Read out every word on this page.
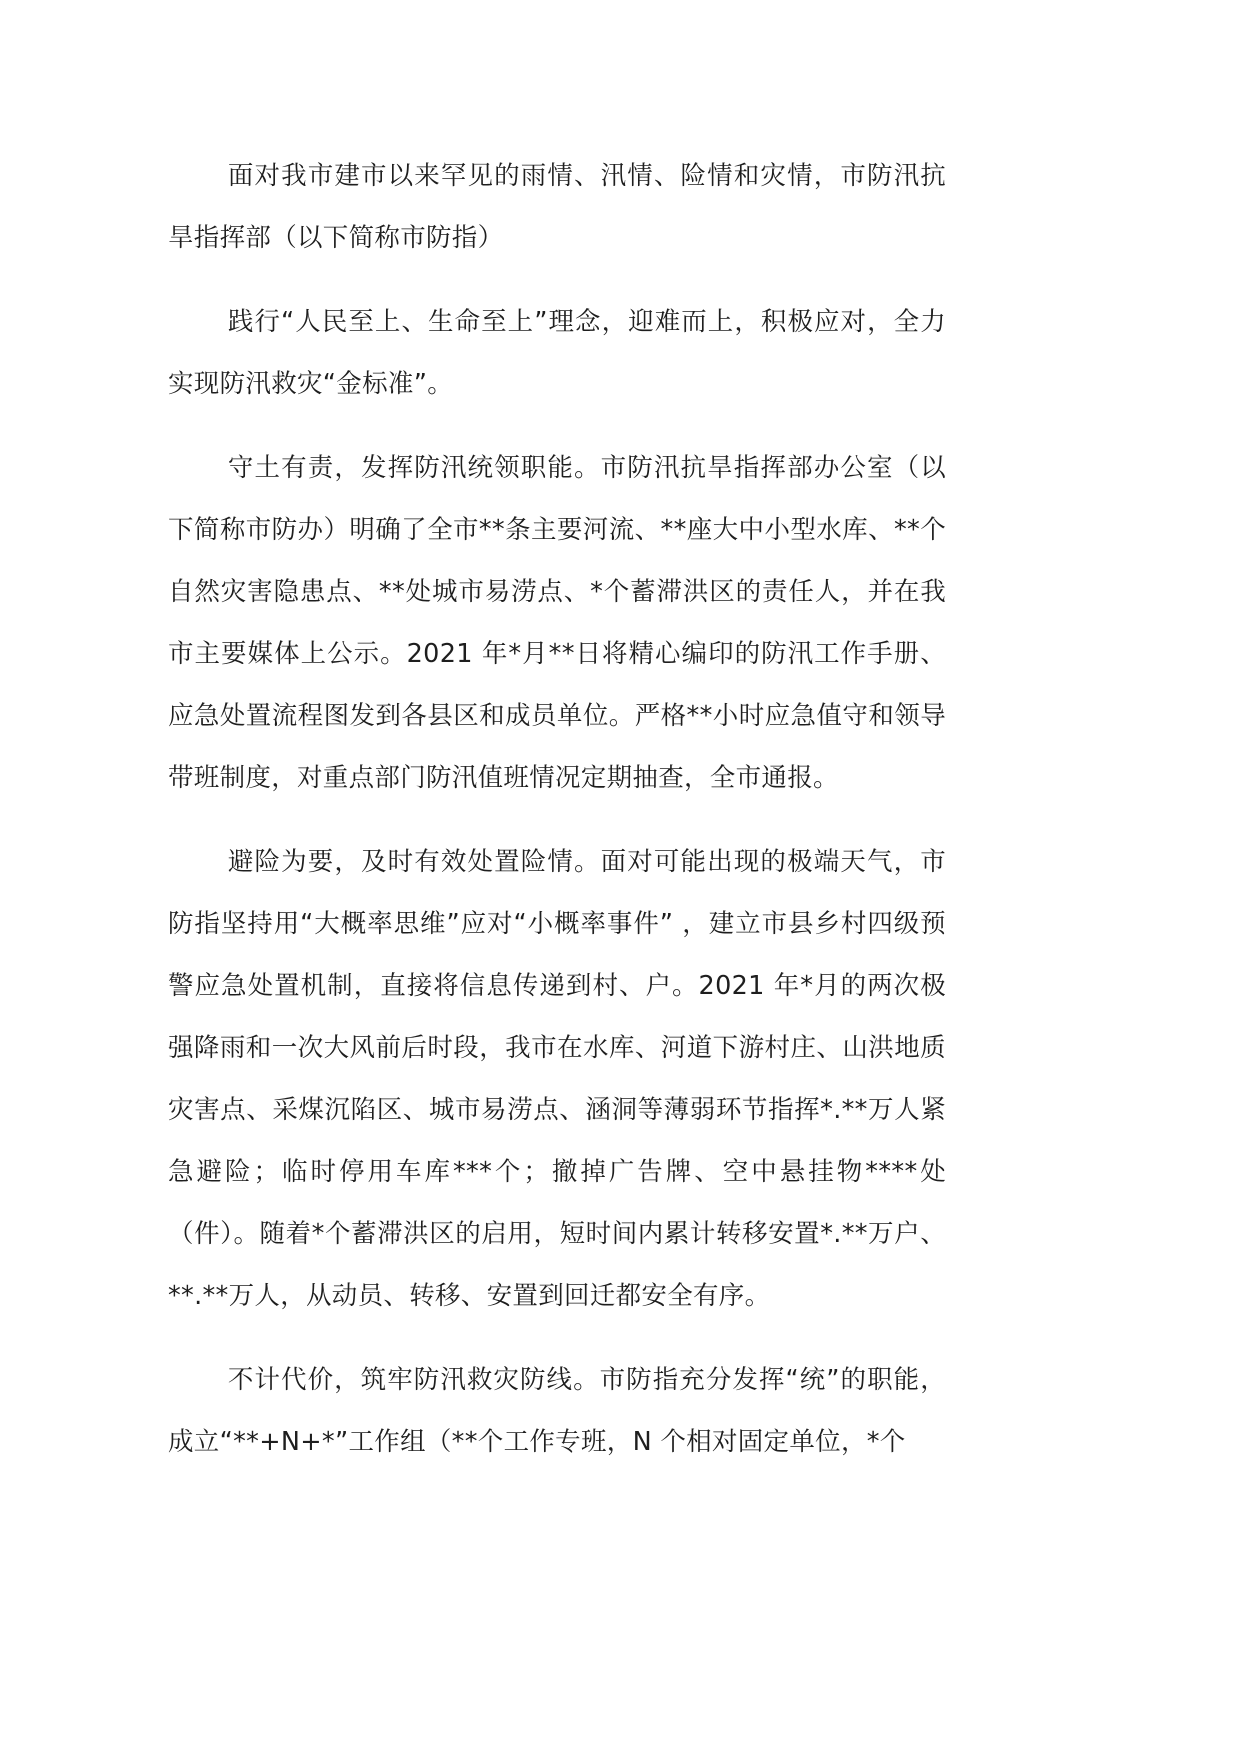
面对我市建市以来罕见的雨情、汛情、险情和灾情，市防汛抗旱指挥部（以下简称市防指）

践行“人民至上、生命至上”理念，迎难而上，积极应对，全力实现防汛救灾“金标准”。

守土有责，发挥防汛统领职能。市防汛抗旱指挥部办公室（以下简称市防办）明确了全市**条主要河流、**座大中小型水库、**个自然灾害隐患点、**处城市易涝点、*个蓄滞洪区的责任人，并在我市主要媒体上公示。2021 年*月**日将精心编印的防汛工作手册、应急处置流程图发到各县区和成员单位。严格**小时应急值守和领导带班制度，对重点部门防汛值班情况定期抽查，全市通报。

避险为要，及时有效处置险情。面对可能出现的极端天气，市防指坚持用“大概率思维”应对“小概率事件” ，建立市县乡村四级预警应急处置机制，直接将信息传递到村、户。2021 年*月的两次极强降雨和一次大风前后时段，我市在水库、河道下游村庄、山洪地质灾害点、采煤沉陷区、城市易涝点、涵洞等薄弱环节指挥*.**万人紧急避险；临时停用车库***个；撤掉广告牌、空中悬挂物****处（件）。随着*个蓄滞洪区的启用，短时间内累计转移安置*.**万户、**.**万人，从动员、转移、安置到回迁都安全有序。

不计代价，筑牢防汛救灾防线。市防指充分发挥“统”的职能，成立“**+N+*”工作组（**个工作专班，N 个相对固定单位，*个
